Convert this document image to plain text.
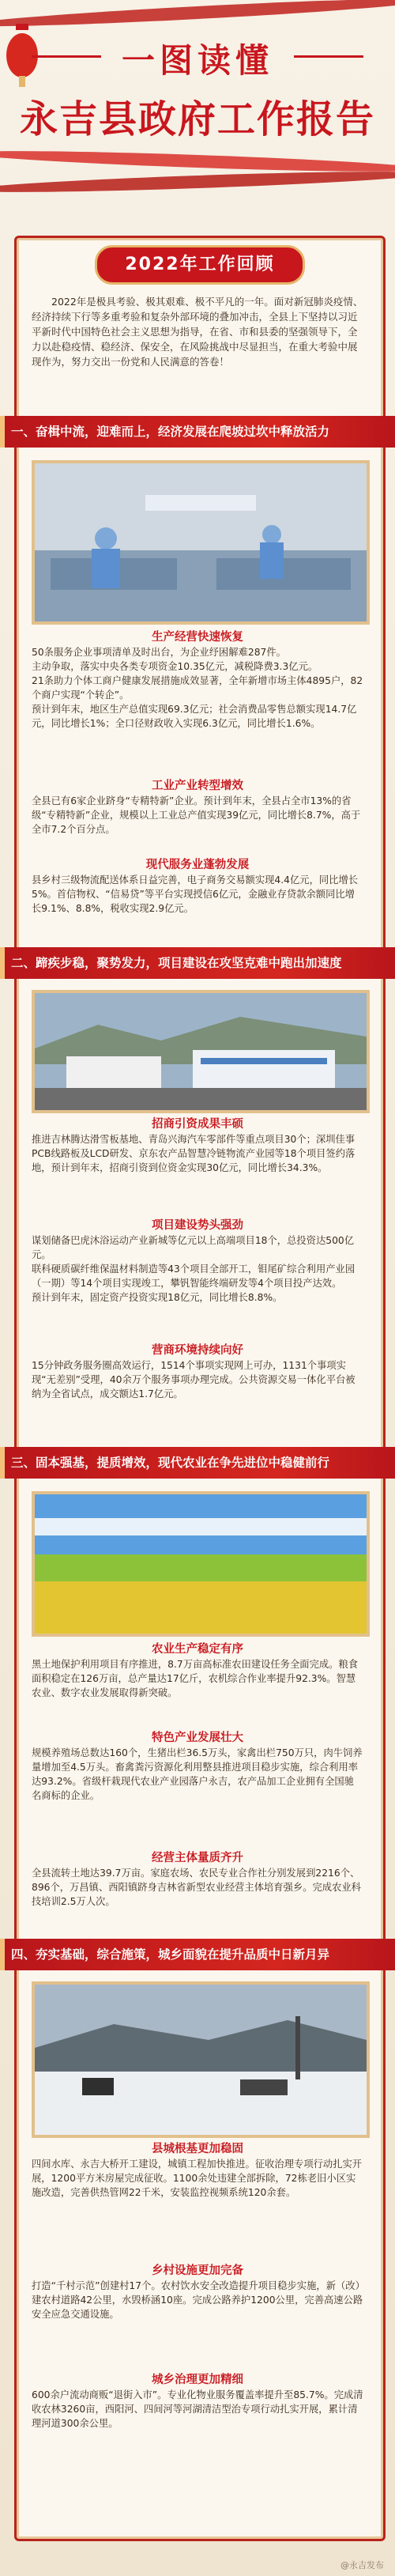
一图读懂
永吉县政府工作报告
2022年工作回顾
2022年是极具考验、极其艰难、极不平凡的一年。面对新冠肺炎疫情、经济持续下行等多重考验和复杂外部环境的叠加冲击，全县上下坚持以习近平新时代中国特色社会主义思想为指导，在省、市和县委的坚强领导下，全力以赴稳疫情、稳经济、保安全，在风险挑战中尽显担当，在重大考验中展现作为，努力交出一份党和人民满意的答卷！
一、奋楫中流，迎难而上，经济发展在爬坡过坎中释放活力
生产经营快速恢复
50条服务企业事项清单及时出台，为企业纾困解难287件。
主动争取，落实中央各类专项资金10.35亿元，减税降费3.3亿元。
21条助力个体工商户健康发展措施成效显著，全年新增市场主体4895户，82个商户实现“个转企”。
预计到年末，地区生产总值实现69.3亿元；社会消费品零售总额实现14.7亿元，同比增长1%；全口径财政收入实现6.3亿元，同比增长1.6%。
工业产业转型增效
全县已有6家企业跻身“专精特新”企业。预计到年末，全县占全市13%的省级“专精特新”企业，规模以上工业总产值实现39亿元，同比增长8.7%，高于全市7.2个百分点。
现代服务业蓬勃发展
县乡村三级物流配送体系日益完善，电子商务交易额实现4.4亿元，同比增长5%。首信物权、“信易贷”等平台实现授信6亿元，金融业存贷款余额同比增长9.1%、8.8%，税收实现2.9亿元。
二、蹄疾步稳，聚势发力，项目建设在攻坚克难中跑出加速度
招商引资成果丰硕
推进吉林腾达滑雪板基地、青岛兴海汽车零部件等重点项目30个；深圳佳事PCB线路板及LCD研发、京东农产品智慧冷链物流产业园等18个项目签约落地，预计到年末，招商引资到位资金实现30亿元，同比增长34.3%。
项目建设势头强劲
谋划储备巴虎沐浴运动产业新城等亿元以上高端项目18个，总投资达500亿元。
联科硬质碳纤维保温材料制造等43个项目全部开工，钼尾矿综合利用产业园（一期）等14个项目实现竣工，攀钒智能终端研发等4个项目投产达效。
预计到年末，固定资产投资实现18亿元，同比增长8.8%。
营商环境持续向好
15分钟政务服务圈高效运行，1514个事项实现网上可办，1131个事项实现“无差别”受理，40余万个服务事项办理完成。公共资源交易一体化平台被纳为全省试点，成交额达1.7亿元。
三、固本强基，提质增效，现代农业在争先进位中稳健前行
农业生产稳定有序
黑土地保护利用项目有序推进，8.7万亩高标准农田建设任务全面完成。粮食面积稳定在126万亩，总产量达17亿斤，农机综合作业率提升92.3%。智慧农业、数字农业发展取得新突破。
特色产业发展壮大
规模养殖场总数达160个，生猪出栏36.5万头，家禽出栏750万只，肉牛饲养量增加至4.5万头。畜禽粪污资源化利用整县推进项目稳步实施，综合利用率达93.2%。省级杆栽现代农业产业园落户永吉，农产品加工企业拥有全国驰名商标的企业。
经营主体量质齐升
全县流转土地达39.7万亩。家庭农场、农民专业合作社分别发展到2216个、896个，万昌镇、西阳镇跻身吉林省新型农业经营主体培育强乡。完成农业科技培训2.5万人次。
四、夯实基础，综合施策，城乡面貌在提升品质中日新月异
县城根基更加稳固
四间水库、永吉大桥开工建设，城镇工程加快推进。征收治理专项行动扎实开展，1200平方米房屋完成征收。1100余处违建全部拆除，72栋老旧小区实施改造，完善供热管网22千米，安装监控视频系统120余套。
乡村设施更加完备
打造“千村示范”创建村17个。农村饮水安全改造提升项目稳步实施，新（改）建农村道路42公里，水毁桥涵10座。完成公路养护1200公里，完善高速公路安全应急交通设施。
城乡治理更加精细
600余户流动商贩“退街入市”。专业化物业服务覆盖率提升至85.7%。完成清收农林3260亩，西阳河、四间河等河湖清洁型治专项行动扎实开展，累计清理河道300余公里。
@永吉发布
